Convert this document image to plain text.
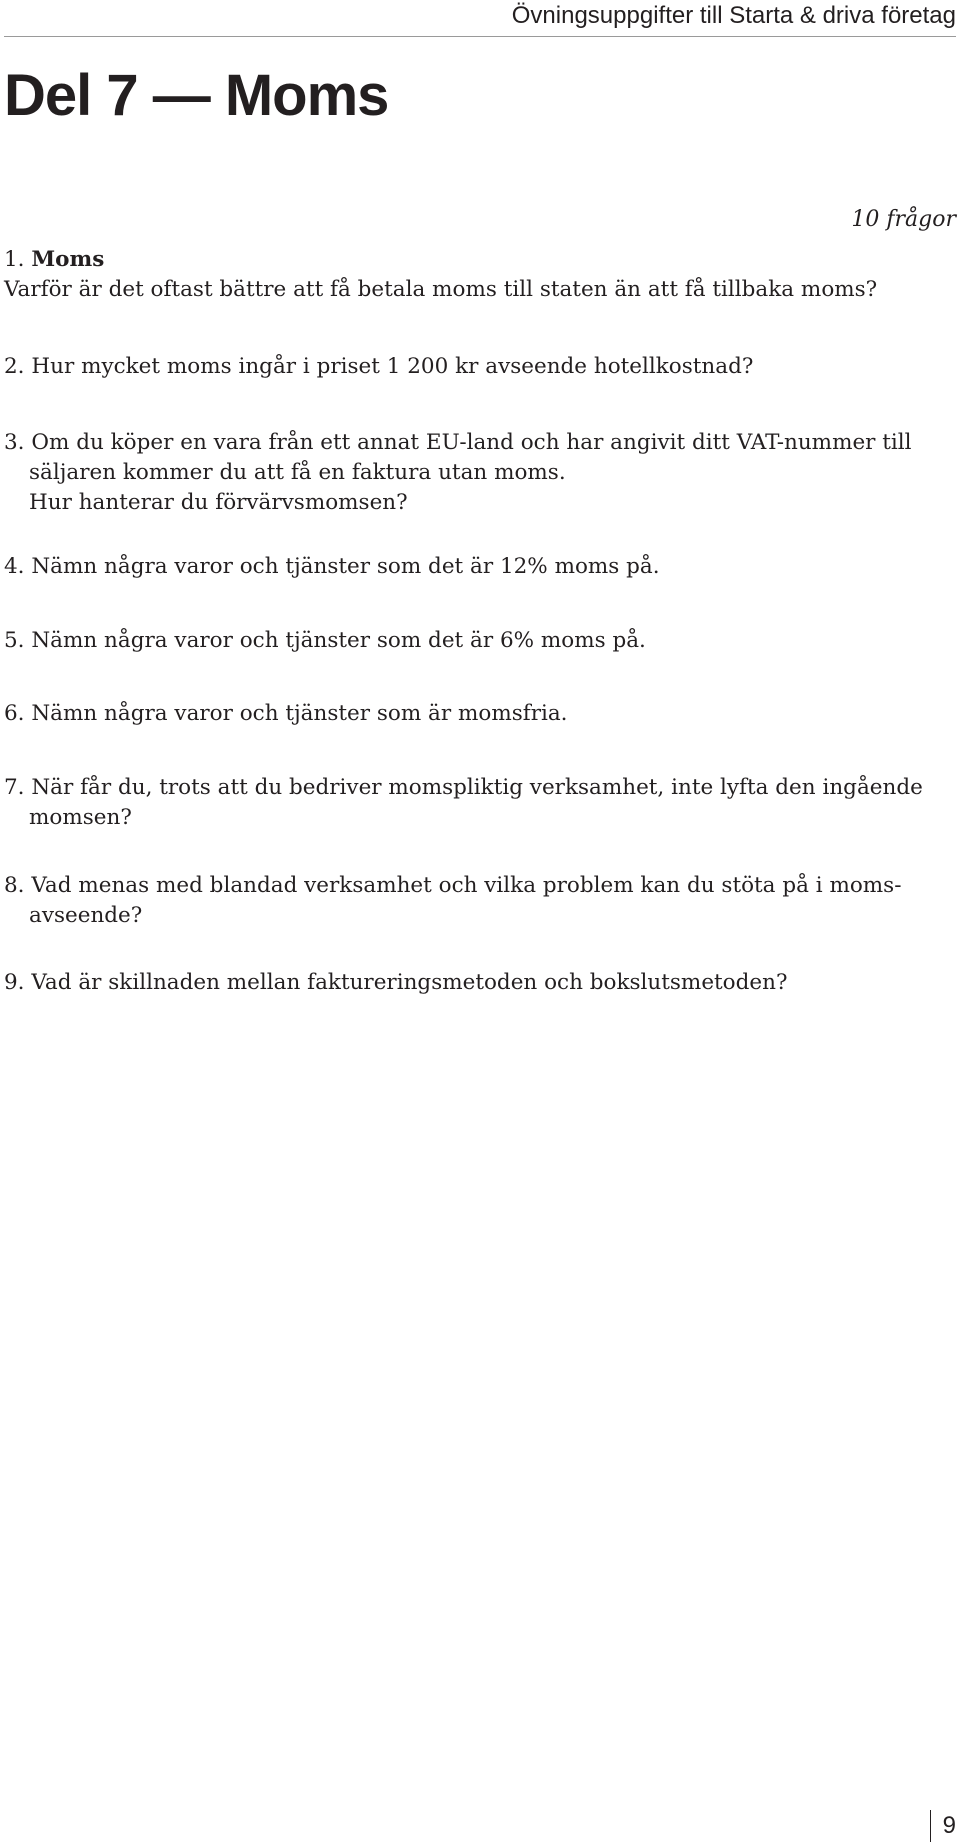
Övningsuppgifter till Starta & driva företag
Del 7 — Moms
10 frågor
1. Moms
Varför är det oftast bättre att få betala moms till staten än att få tillbaka moms?
2. Hur mycket moms ingår i priset 1 200 kr avseende hotellkostnad?
3. Om du köper en vara från ett annat EU-land och har angivit ditt VAT-nummer till
säljaren kommer du att få en faktura utan moms.
Hur hanterar du förvärvsmomsen?
4. Nämn några varor och tjänster som det är 12% moms på.
5. Nämn några varor och tjänster som det är 6% moms på.
6. Nämn några varor och tjänster som är momsfria.
7. När får du, trots att du bedriver momspliktig verksamhet, inte lyfta den ingående
momsen?
8. Vad menas med blandad verksamhet och vilka problem kan du stöta på i moms-
avseende?
9. Vad är skillnaden mellan faktureringsmetoden och bokslutsmetoden?
9
